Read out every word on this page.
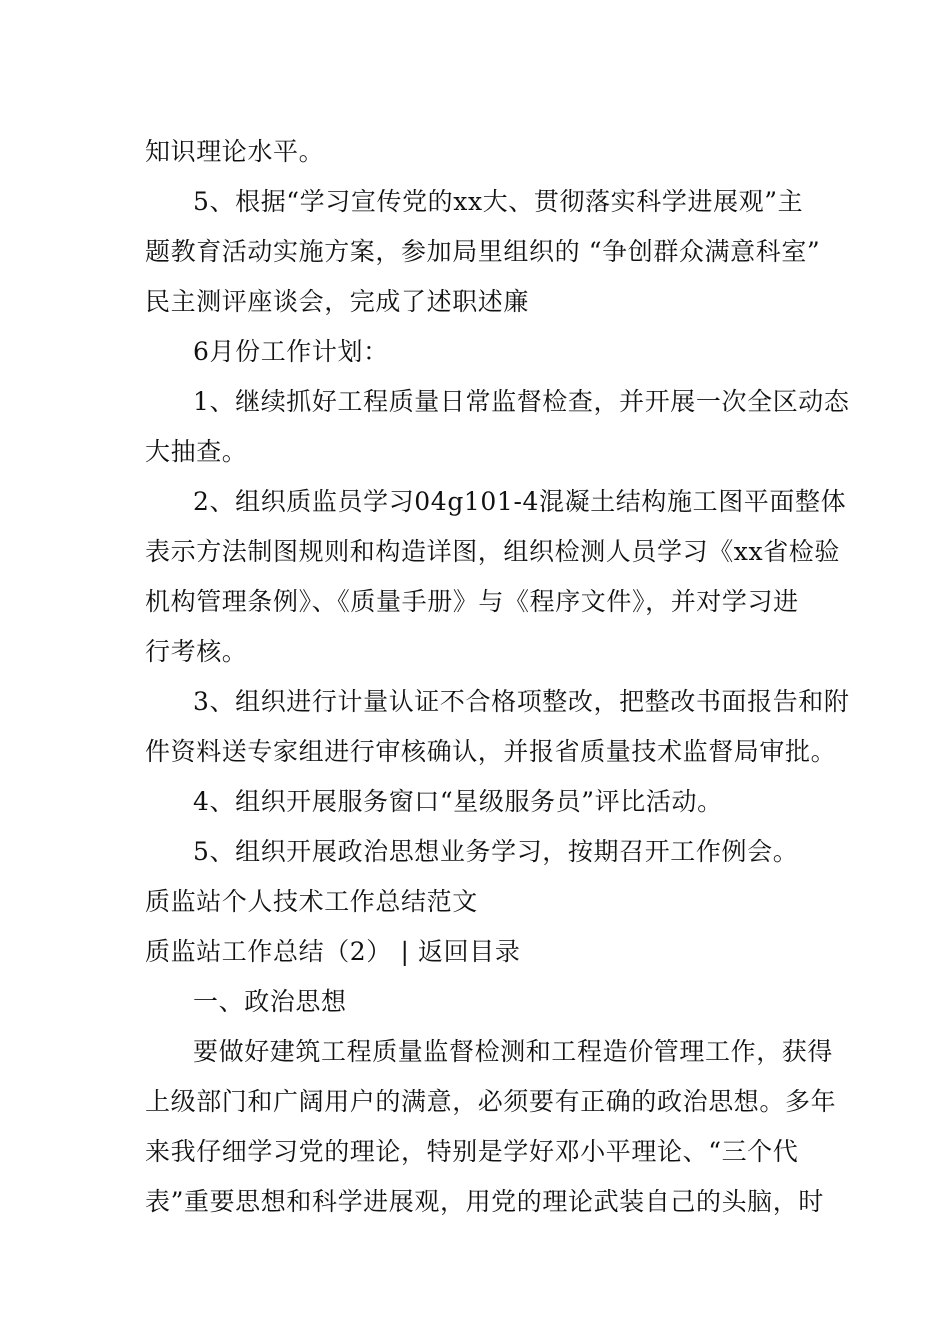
知识理论水平。
5、根据“学习宣传党的xx大、贯彻落实科学进展观”主
题教育活动实施方案，参加局里组织的 “争创群众满意科室”
民主测评座谈会，完成了述职述廉
6月份工作计划：
1、继续抓好工程质量日常监督检查，并开展一次全区动态
大抽查。
2、组织质监员学习04g101-4混凝土结构施工图平面整体
表示方法制图规则和构造详图，组织检测人员学习《xx省检验
机构管理条例》、《质量手册》与《程序文件》，并对学习进
行考核。
3、组织进行计量认证不合格项整改，把整改书面报告和附
件资料送专家组进行审核确认，并报省质量技术监督局审批。
4、组织开展服务窗口“星级服务员”评比活动。
5、组织开展政治思想业务学习，按期召开工作例会。
质监站个人技术工作总结范文
质监站工作总结（2） | 返回目录
一、政治思想
要做好建筑工程质量监督检测和工程造价管理工作，获得
上级部门和广阔用户的满意，必须要有正确的政治思想。多年
来我仔细学习党的理论，特别是学好邓小平理论、“三个代
表”重要思想和科学进展观，用党的理论武装自己的头脑，时
